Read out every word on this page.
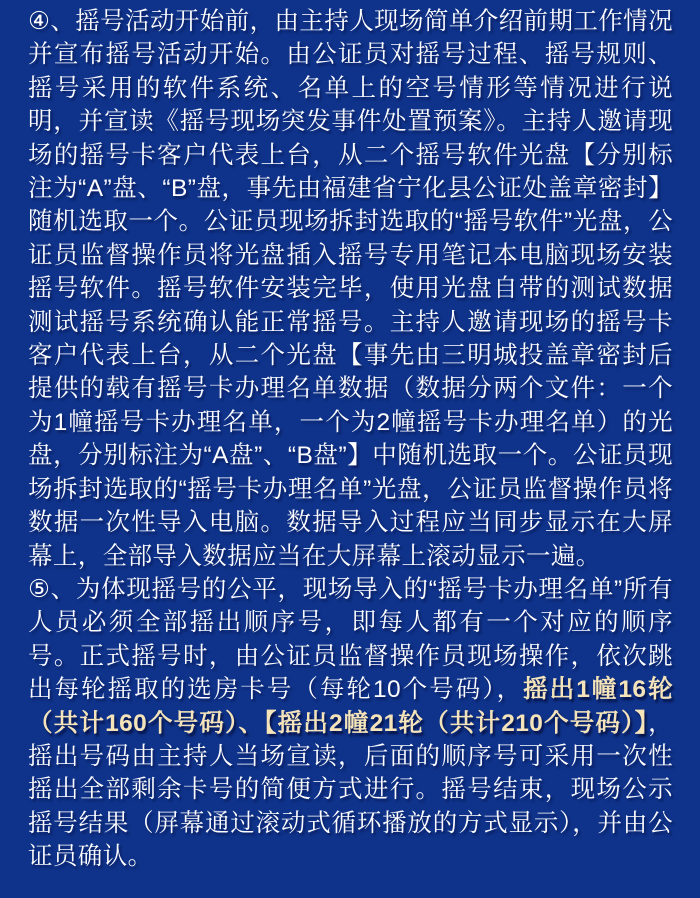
④、摇号活动开始前，由主持人现场简单介绍前期工作情况并宣布摇号活动开始。由公证员对摇号过程、摇号规则、摇号采用的软件系统、名单上的空号情形等情况进行说明，并宣读《摇号现场突发事件处置预案》。主持人邀请现场的摇号卡客户代表上台，从二个摇号软件光盘【分别标注为“A”盘、“B”盘，事先由福建省宁化县公证处盖章密封】随机选取一个。公证员现场拆封选取的“摇号软件”光盘，公证员监督操作员将光盘插入摇号专用笔记本电脑现场安装摇号软件。摇号软件安装完毕，使用光盘自带的测试数据测试摇号系统确认能正常摇号。主持人邀请现场的摇号卡客户代表上台，从二个光盘【事先由三明城投盖章密封后提供的载有摇号卡办理名单数据（数据分两个文件：一个为1幢摇号卡办理名单，一个为2幢摇号卡办理名单）的光盘，分别标注为“A盘”、“B盘”】中随机选取一个。公证员现场拆封选取的“摇号卡办理名单”光盘，公证员监督操作员将数据一次性导入电脑。数据导入过程应当同步显示在大屏幕上，全部导入数据应当在大屏幕上滚动显示一遍。

⑤、为体现摇号的公平，现场导入的“摇号卡办理名单”所有人员必须全部摇出顺序号，即每人都有一个对应的顺序号。正式摇号时，由公证员监督操作员现场操作，依次跳出每轮摇取的选房卡号（每轮10个号码），摇出1幢16轮（共计160个号码）、【摇出2幢21轮（共计210个号码）】，摇出号码由主持人当场宣读，后面的顺序号可采用一次性摇出全部剩余卡号的简便方式进行。摇号结束，现场公示摇号结果（屏幕通过滚动式循环播放的方式显示），并由公证员确认。
